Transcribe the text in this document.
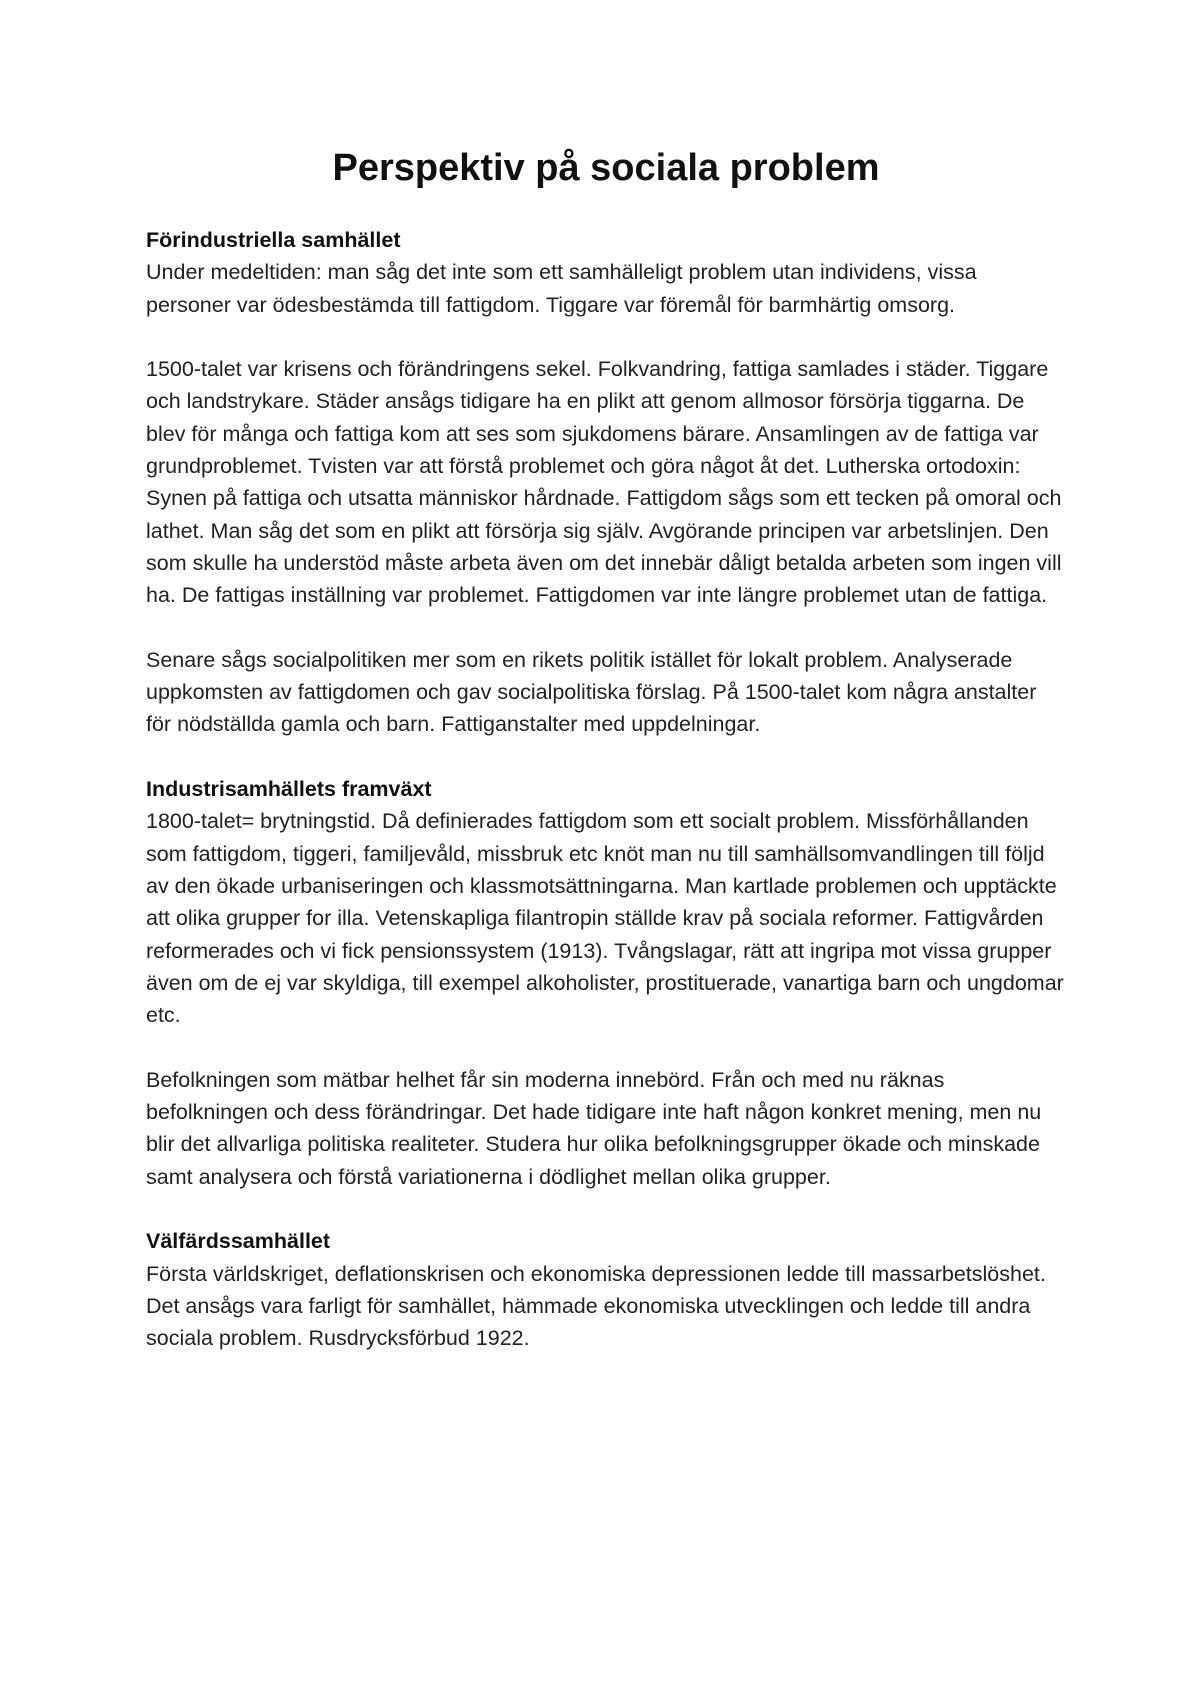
Perspektiv på sociala problem
Förindustriella samhället

Under medeltiden: man såg det inte som ett samhälleligt problem utan individens, vissa personer var ödesbestämda till fattigdom. Tiggare var föremål för barmhärtig omsorg.

1500-talet var krisens och förändringens sekel. Folkvandring, fattiga samlades i städer. Tiggare och landstrykare. Städer ansågs tidigare ha en plikt att genom allmosor försörja tiggarna. De blev för många och fattiga kom att ses som sjukdomens bärare. Ansamlingen av de fattiga var grundproblemet. Tvisten var att förstå problemet och göra något åt det. Lutherska ortodoxin: Synen på fattiga och utsatta människor hårdnade. Fattigdom sågs som ett tecken på omoral och lathet. Man såg det som en plikt att försörja sig själv. Avgörande principen var arbetslinjen. Den som skulle ha understöd måste arbeta även om det innebär dåligt betalda arbeten som ingen vill ha. De fattigas inställning var problemet. Fattigdomen var inte längre problemet utan de fattiga.

Senare sågs socialpolitiken mer som en rikets politik istället för lokalt problem. Analyserade uppkomsten av fattigdomen och gav socialpolitiska förslag. På 1500-talet kom några anstalter för nödställda gamla och barn. Fattiganstalter med uppdelningar.

Industrisamhällets framväxt

1800-talet= brytningstid. Då definierades fattigdom som ett socialt problem. Missförhållanden som fattigdom, tiggeri, familjevåld, missbruk etc knöt man nu till samhällsomvandlingen till följd av den ökade urbaniseringen och klassmotsättningarna. Man kartlade problemen och upptäckte att olika grupper for illa. Vetenskapliga filantropin ställde krav på sociala reformer. Fattigvården reformerades och vi fick pensionssystem (1913). Tvångslagar, rätt att ingripa mot vissa grupper även om de ej var skyldiga, till exempel alkoholister, prostituerade, vanartiga barn och ungdomar etc.

Befolkningen som mätbar helhet får sin moderna innebörd. Från och med nu räknas befolkningen och dess förändringar. Det hade tidigare inte haft någon konkret mening, men nu blir det allvarliga politiska realiteter. Studera hur olika befolkningsgrupper ökade och minskade samt analysera och förstå variationerna i dödlighet mellan olika grupper.

Välfärdssamhället

Första världskriget, deflationskrisen och ekonomiska depressionen ledde till massarbetslöshet. Det ansågs vara farligt för samhället, hämmade ekonomiska utvecklingen och ledde till andra sociala problem. Rusdrycksförbud 1922.
